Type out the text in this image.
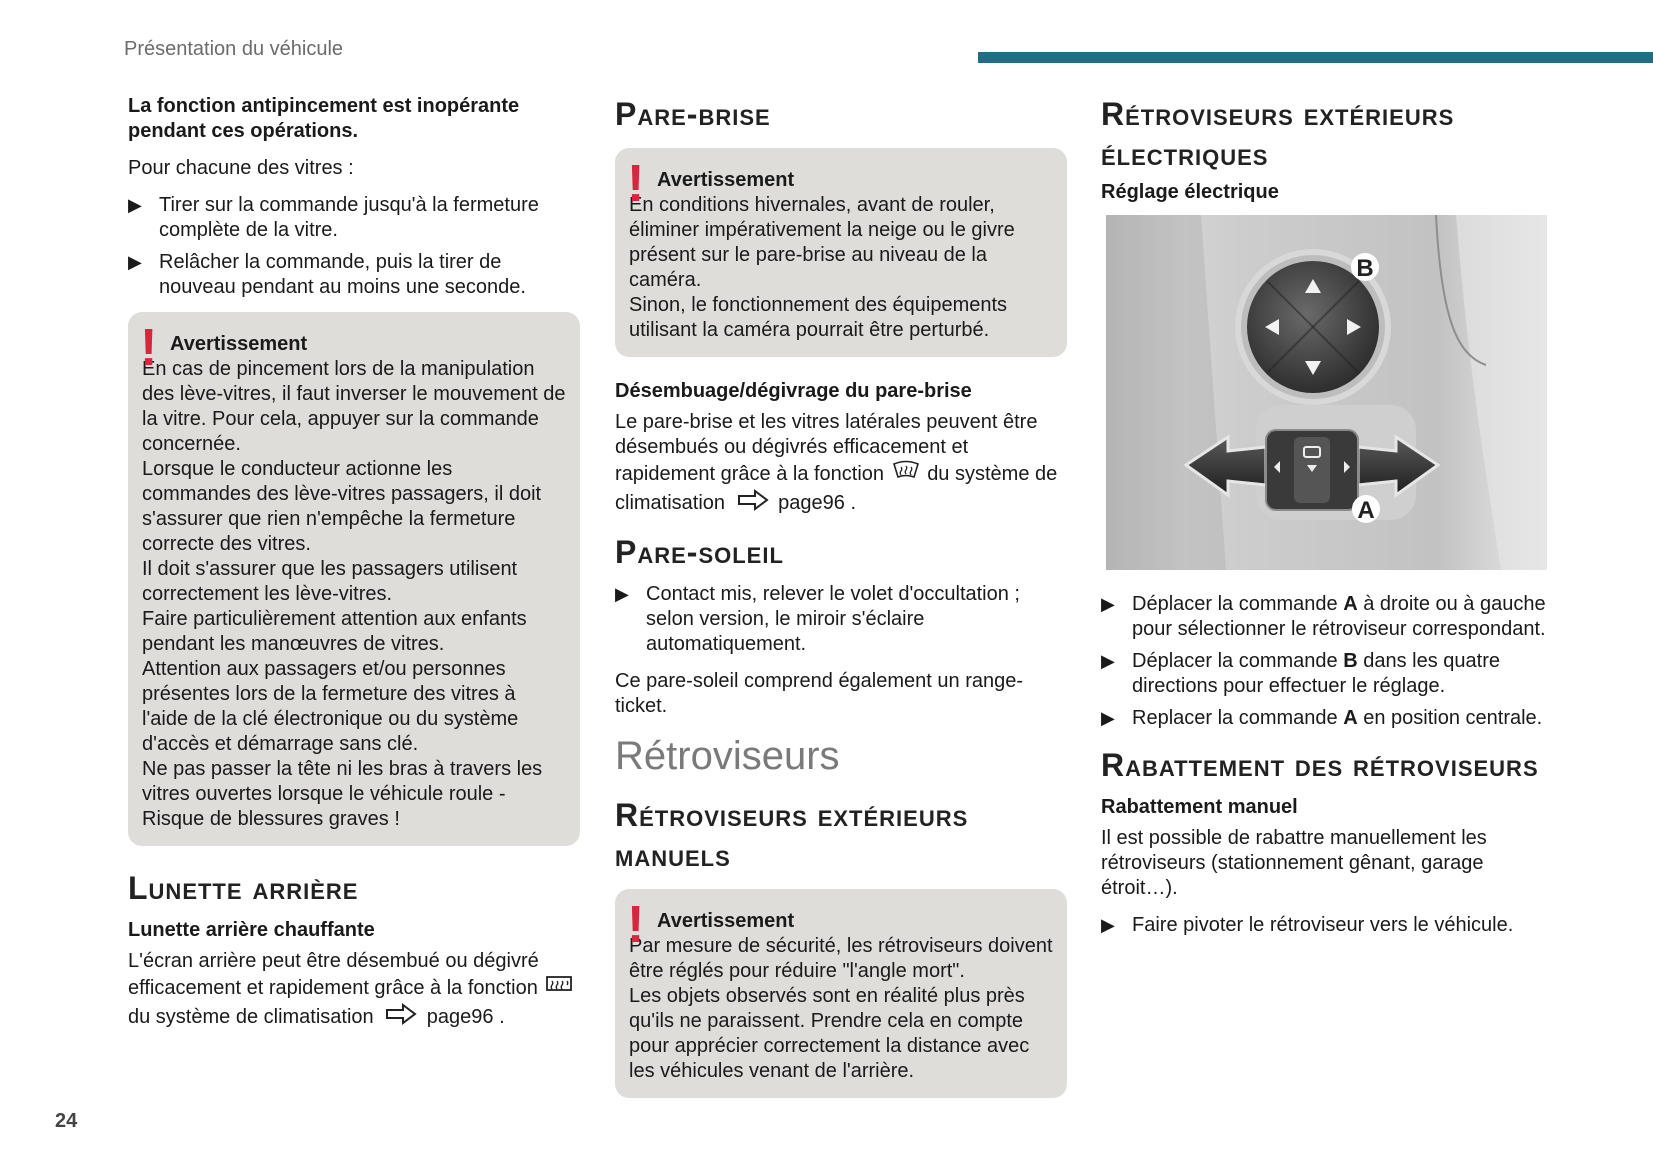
Présentation du véhicule

La fonction antipincement est inopérante pendant ces opérations.

Pour chacune des vitres :

▶ Tirer sur la commande jusqu'à la fermeture complète de la vitre.
▶ Relâcher la commande, puis la tirer de nouveau pendant au moins une seconde.
! Avertissement
En cas de pincement lors de la manipulation des lève-vitres, il faut inverser le mouvement de la vitre. Pour cela, appuyer sur la commande concernée.
Lorsque le conducteur actionne les commandes des lève-vitres passagers, il doit s'assurer que rien n'empêche la fermeture correcte des vitres.
Il doit s'assurer que les passagers utilisent correctement les lève-vitres.
Faire particulièrement attention aux enfants pendant les manœuvres de vitres.
Attention aux passagers et/ou personnes présentes lors de la fermeture des vitres à l'aide de la clé électronique ou du système d'accès et démarrage sans clé.
Ne pas passer la tête ni les bras à travers les vitres ouvertes lorsque le véhicule roule - Risque de blessures graves !
Lunette arrière
Lunette arrière chauffante

L'écran arrière peut être désembué ou dégivré efficacement et rapidement grâce à la fonction  du système de climatisation	page96 .

Pare-brise
! Avertissement
En conditions hivernales, avant de rouler, éliminer impérativement la neige ou le givre présent sur le pare-brise au niveau de la caméra.
Sinon, le fonctionnement des équipements utilisant la caméra pourrait être perturbé.
Désembuage/dégivrage du pare-brise

Le pare-brise et les vitres latérales peuvent être désembués ou dégivrés efficacement et rapidement grâce à la fonction du système de climatisation	page96 .

Pare-soleil
▶ Contact mis, relever le volet d'occultation ; selon version, le miroir s'éclaire automatiquement.

Ce pare-soleil comprend également un range-ticket.

Rétroviseurs
Rétroviseurs extérieurs manuels
! Avertissement
Par mesure de sécurité, les rétroviseurs doivent être réglés pour réduire "l'angle mort".
Les objets observés sont en réalité plus près qu'ils ne paraissent. Prendre cela en compte pour apprécier correctement la distance avec les véhicules venant de l'arrière.
Rétroviseurs extérieurs électriques
Réglage électrique
B
A
▶ Déplacer la commande A à droite ou à gauche pour sélectionner le rétroviseur correspondant.
▶ Déplacer la commande B dans les quatre directions pour effectuer le réglage.
▶ Replacer la commande A en position centrale.
Rabattement des rétroviseurs
Rabattement manuel

Il est possible de rabattre manuellement les rétroviseurs (stationnement gênant, garage étroit…).

▶ Faire pivoter le rétroviseur vers le véhicule.
24
